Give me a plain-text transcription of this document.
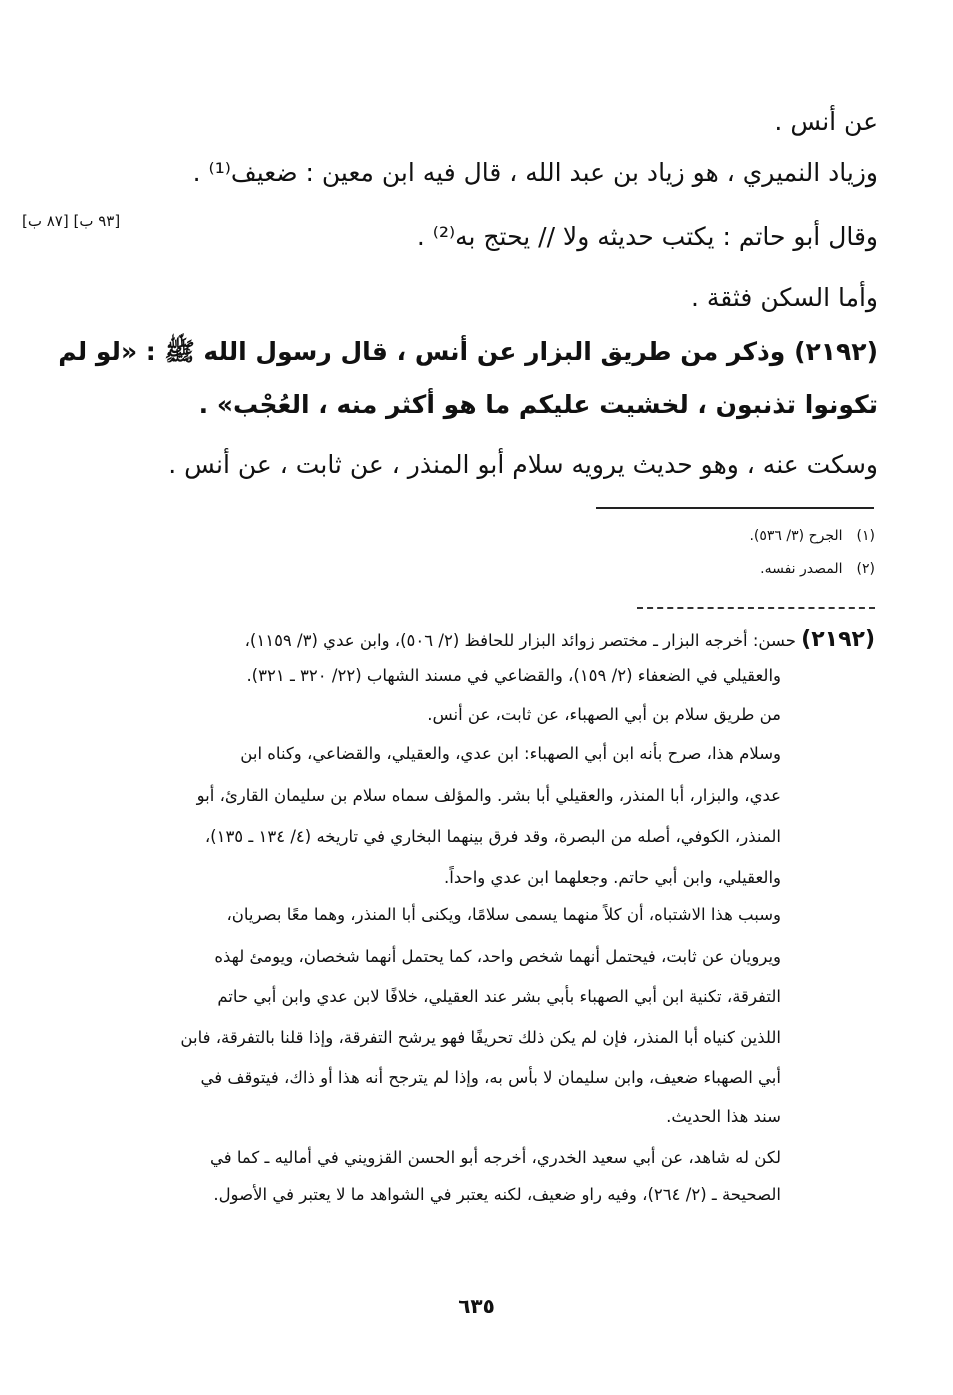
[٩٣ ب] [٨٧ ب]
عن أنس .
وزياد النميري ، هو زياد بن عبد الله ، قال فيه ابن معين : ضعيف⁽¹⁾ .
وقال أبو حاتم : يكتب حديثه ولا // يحتج به⁽²⁾ .
وأما السكن فثقة .
(٢١٩٢) وذكر من طريق البزار عن أنس ، قال رسول الله ﷺ : «لو لم
تكونوا تذنبون ، لخشيت عليكم ما هو أكثر منه ، العُجْب» .
وسكت عنه ، وهو حديث يرويه سلام أبو المنذر ، عن ثابت ، عن أنس .
(١)الجرح (٣/ ٥٣٦).
(٢)المصدر نفسه.
(٢١٩٢) حسن: أخرجه البزار ـ مختصر زوائد البزار للحافظ (٢/ ٥٠٦)، وابن عدي (٣/ ١١٥٩)،
والعقيلي في الضعفاء (٢/ ١٥٩)، والقضاعي في مسند الشهاب (٢٢/ ٣٢٠ ـ ٣٢١).
من طريق سلام بن أبي الصهباء، عن ثابت، عن أنس.
وسلام هذا، صرح بأنه ابن أبي الصهباء: ابن عدي، والعقيلي، والقضاعي، وكناه ابن
عدي، والبزار، أبا المنذر، والعقيلي أبا بشر. والمؤلف سماه سلام بن سليمان القارئ، أبو
المنذر، الكوفي، أصله من البصرة، وقد فرق بينهما البخاري في تاريخه (٤/ ١٣٤ ـ ١٣٥)،
والعقيلي، وابن أبي حاتم. وجعلهما ابن عدي واحداً.
وسبب هذا الاشتباه، أن كلاً منهما يسمى سلامًا، ويكنى أبا المنذر، وهما معًا بصريان،
ويرويان عن ثابت، فيحتمل أنهما شخص واحد، كما يحتمل أنهما شخصان، ويومئ لهذه
التفرقة، تكنية ابن أبي الصهباء بأبي بشر عند العقيلي، خلافًا لابن عدي وابن أبي حاتم
اللذين كنياه أبا المنذر، فإن لم يكن ذلك تحريفًا فهو يرشح التفرقة، وإذا قلنا بالتفرقة، فابن
أبي الصهباء ضعيف، وابن سليمان لا بأس به، وإذا لم يترجح أنه هذا أو ذاك، فيتوقف في
سند هذا الحديث.
لكن له شاهد، عن أبي سعيد الخدري، أخرجه أبو الحسن القزويني في أماليه ـ كما في
الصحيحة ـ (٢/ ٢٦٤)، وفيه راو ضعيف، لكنه يعتبر في الشواهد ما لا يعتبر في الأصول.
٦٣٥
